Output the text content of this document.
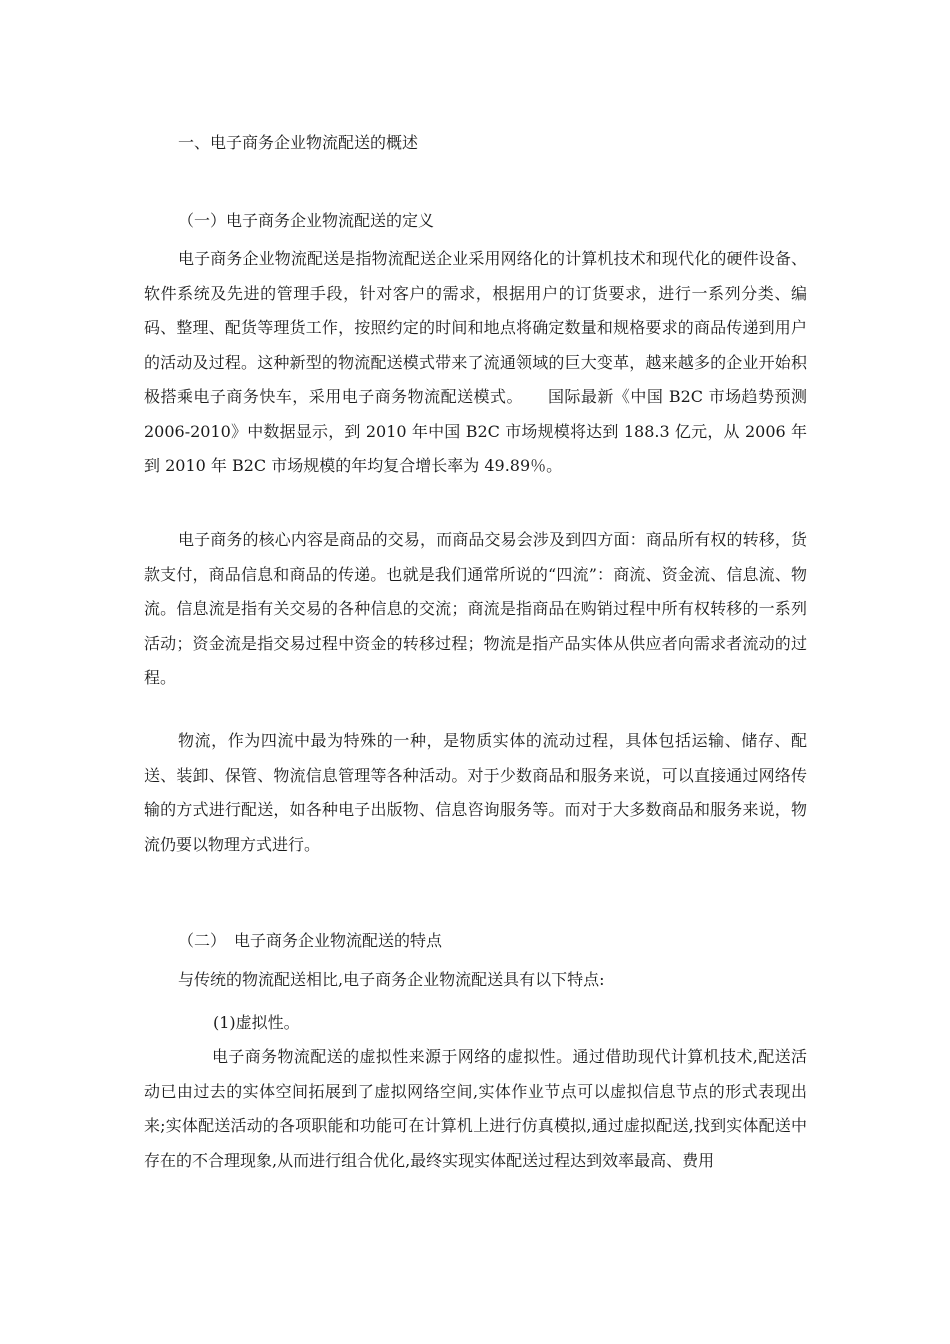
一、电子商务企业物流配送的概述
（一）电子商务企业物流配送的定义

电子商务企业物流配送是指物流配送企业采用网络化的计算机技术和现代化的硬件设备、软件系统及先进的管理手段，针对客户的需求，根据用户的订货要求，进行一系列分类、编码、整理、配货等理货工作，按照约定的时间和地点将确定数量和规格要求的商品传递到用户的活动及过程。这种新型的物流配送模式带来了流通领域的巨大变革，越来越多的企业开始积极搭乘电子商务快车，采用电子商务物流配送模式。　　国际最新《中国 B2C 市场趋势预测 2006-2010》中数据显示，到 2010 年中国 B2C 市场规模将达到 188.3 亿元，从 2006 年到 2010 年 B2C 市场规模的年均复合增长率为 49.89％。

电子商务的核心内容是商品的交易，而商品交易会涉及到四方面：商品所有权的转移，货款支付，商品信息和商品的传递。也就是我们通常所说的“四流”：商流、资金流、信息流、物流。信息流是指有关交易的各种信息的交流；商流是指商品在购销过程中所有权转移的一系列活动；资金流是指交易过程中资金的转移过程；物流是指产品实体从供应者向需求者流动的过程。

物流，作为四流中最为特殊的一种，是物质实体的流动过程，具体包括运输、储存、配送、装卸、保管、物流信息管理等各种活动。对于少数商品和服务来说，可以直接通过网络传输的方式进行配送，如各种电子出版物、信息咨询服务等。而对于大多数商品和服务来说，物流仍要以物理方式进行。

（二）　电子商务企业物流配送的特点

与传统的物流配送相比,电子商务企业物流配送具有以下特点:

(1)虚拟性。

电子商务物流配送的虚拟性来源于网络的虚拟性。通过借助现代计算机技术,配送活动已由过去的实体空间拓展到了虚拟网络空间,实体作业节点可以虚拟信息节点的形式表现出来;实体配送活动的各项职能和功能可在计算机上进行仿真模拟,通过虚拟配送,找到实体配送中存在的不合理现象,从而进行组合优化,最终实现实体配送过程达到效率最高、费用
